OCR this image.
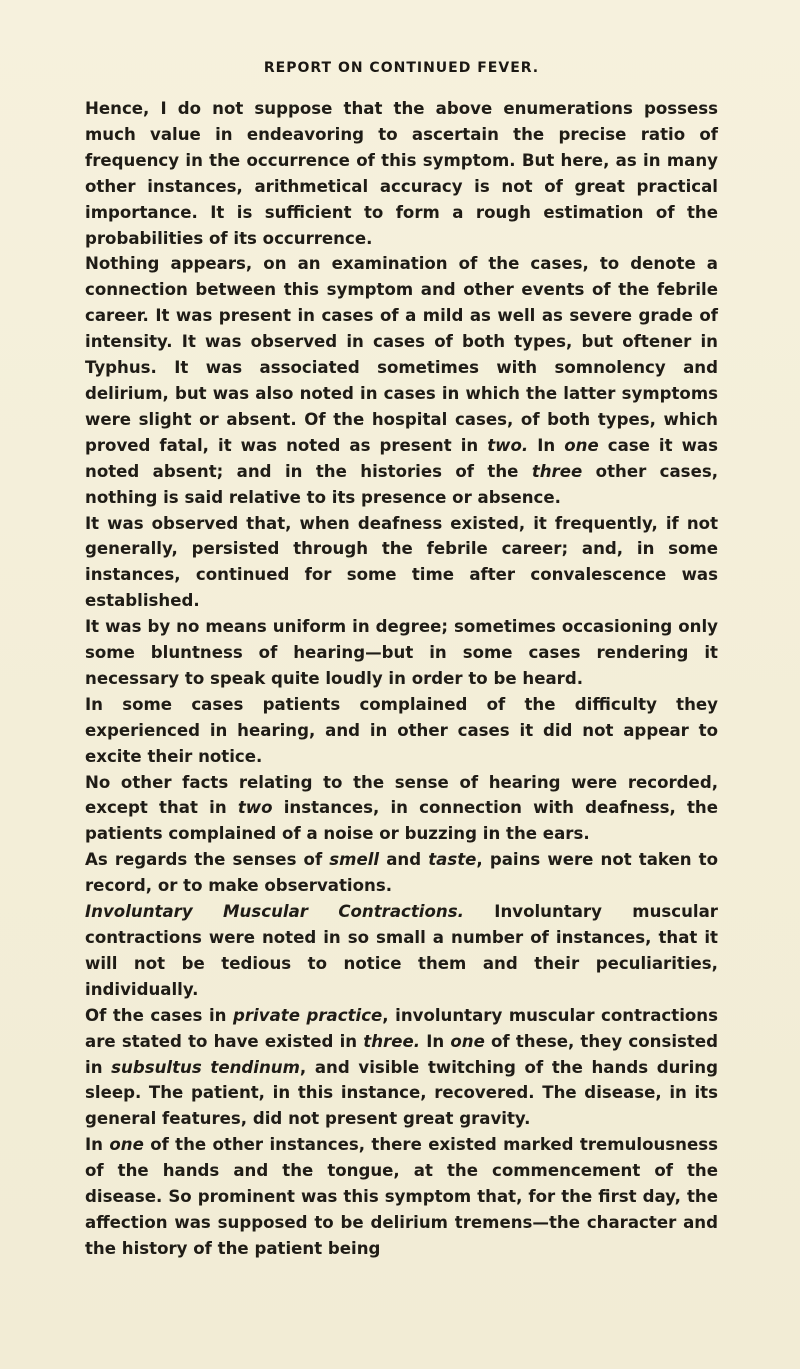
REPORT ON CONTINUED FEVER.

Hence, I do not suppose that the above enumerations possess much value in endeavoring to ascertain the precise ratio of frequency in the occurrence of this symptom. But here, as in many other instances, arithmetical accuracy is not of great practical importance. It is sufficient to form a rough estimation of the probabilities of its occurrence.

Nothing appears, on an examination of the cases, to denote a connection between this symptom and other events of the febrile career. It was present in cases of a mild as well as severe grade of intensity. It was observed in cases of both types, but oftener in Typhus. It was associated sometimes with somnolency and delirium, but was also noted in cases in which the latter symptoms were slight or absent. Of the hospital cases, of both types, which proved fatal, it was noted as present in two. In one case it was noted absent; and in the histories of the three other cases, nothing is said relative to its presence or absence.

It was observed that, when deafness existed, it frequently, if not generally, persisted through the febrile career; and, in some instances, continued for some time after convalescence was established.

It was by no means uniform in degree; sometimes occasioning only some bluntness of hearing—but in some cases rendering it necessary to speak quite loudly in order to be heard.

In some cases patients complained of the difficulty they experienced in hearing, and in other cases it did not appear to excite their notice.

No other facts relating to the sense of hearing were recorded, except that in two instances, in connection with deafness, the patients complained of a noise or buzzing in the ears.

As regards the senses of smell and taste, pains were not taken to record, or to make observations.

Involuntary Muscular Contractions. Involuntary muscular contractions were noted in so small a number of instances, that it will not be tedious to notice them and their peculiarities, individually.

Of the cases in private practice, involuntary muscular contractions are stated to have existed in three. In one of these, they consisted in subsultus tendinum, and visible twitching of the hands during sleep. The patient, in this instance, recovered. The disease, in its general features, did not present great gravity.

In one of the other instances, there existed marked tremulousness of the hands and the tongue, at the commencement of the disease. So prominent was this symptom that, for the first day, the affection was supposed to be delirium tremens—the character and the history of the patient being
